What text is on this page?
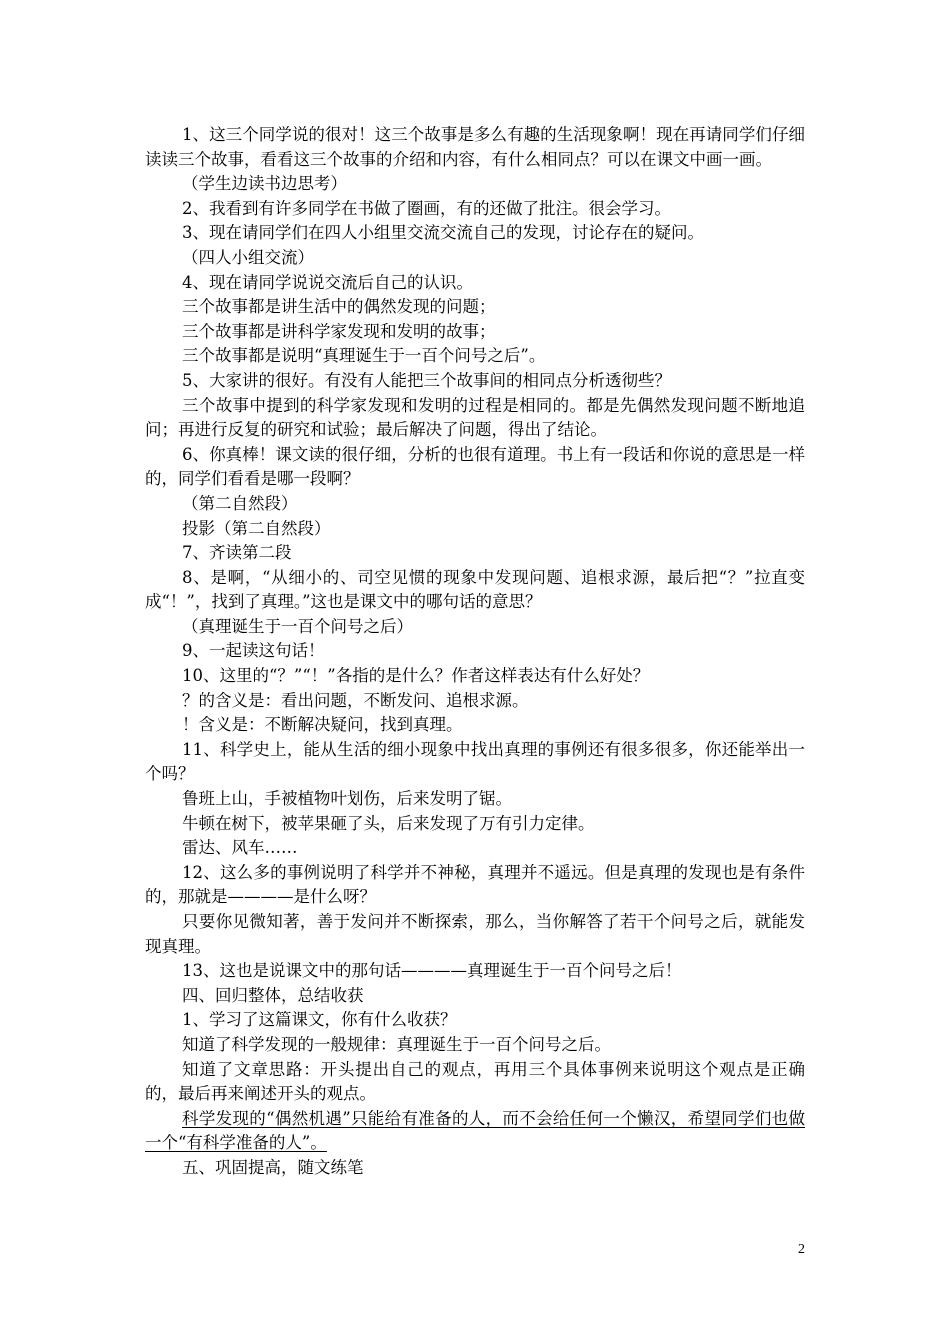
1、这三个同学说的很对！这三个故事是多么有趣的生活现象啊！现在再请同学们仔细读读三个故事，看看这三个故事的介绍和内容，有什么相同点？可以在课文中画一画。

（学生边读书边思考）

2、我看到有许多同学在书做了圈画，有的还做了批注。很会学习。

3、现在请同学们在四人小组里交流交流自己的发现，讨论存在的疑问。

（四人小组交流）

4、现在请同学说说交流后自己的认识。

三个故事都是讲生活中的偶然发现的问题；

三个故事都是讲科学家发现和发明的故事；

三个故事都是说明“真理诞生于一百个问号之后”。

5、大家讲的很好。有没有人能把三个故事间的相同点分析透彻些？

三个故事中提到的科学家发现和发明的过程是相同的。都是先偶然发现问题不断地追问；再进行反复的研究和试验；最后解决了问题，得出了结论。

6、你真棒！课文读的很仔细，分析的也很有道理。书上有一段话和你说的意思是一样的，同学们看看是哪一段啊？

（第二自然段）

投影（第二自然段）

7、齐读第二段

8、是啊，“从细小的、司空见惯的现象中发现问题、追根求源，最后把“？”拉直变成“！”，找到了真理。”这也是课文中的哪句话的意思？

（真理诞生于一百个问号之后）

9、一起读这句话！

10、这里的“？”“！”各指的是什么？作者这样表达有什么好处？

？的含义是：看出问题，不断发问、追根求源。

！含义是：不断解决疑问，找到真理。

11、科学史上，能从生活的细小现象中找出真理的事例还有很多很多，你还能举出一个吗？

鲁班上山，手被植物叶划伤，后来发明了锯。

牛顿在树下，被苹果砸了头，后来发现了万有引力定律。

雷达、风车……

12、这么多的事例说明了科学并不神秘，真理并不遥远。但是真理的发现也是有条件的，那就是————是什么呀？

只要你见微知著，善于发问并不断探索，那么，当你解答了若干个问号之后，就能发现真理。

13、这也是说课文中的那句话————真理诞生于一百个问号之后！

四、回归整体，总结收获

1、学习了这篇课文，你有什么收获？

知道了科学发现的一般规律：真理诞生于一百个问号之后。

知道了文章思路：开头提出自己的观点，再用三个具体事例来说明这个观点是正确的，最后再来阐述开头的观点。

科学发现的“偶然机遇”只能给有准备的人，而不会给任何一个懒汉，希望同学们也做一个“有科学准备的人”。

五、巩固提高，随文练笔

2
